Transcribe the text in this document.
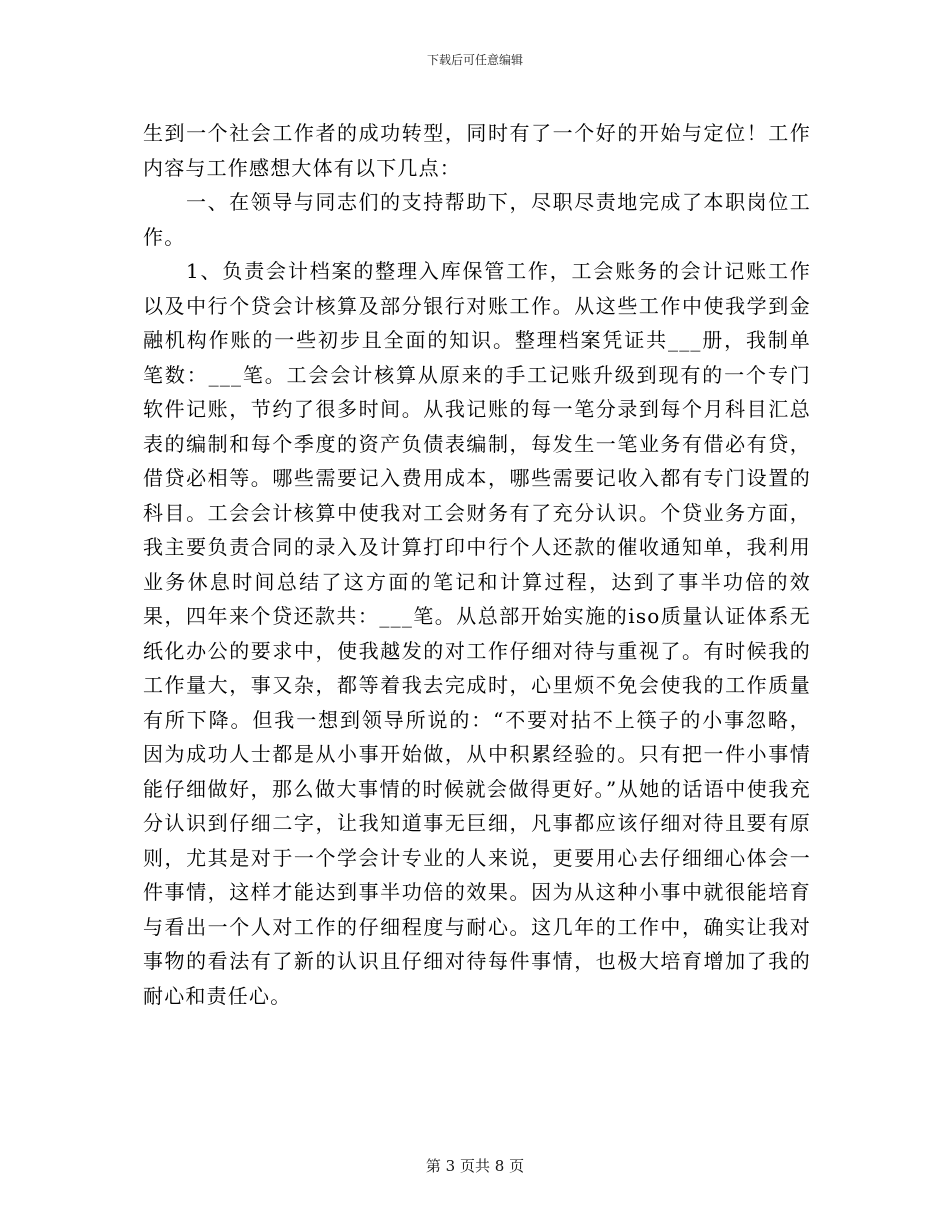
下载后可任意编辑

生到一个社会工作者的成功转型，同时有了一个好的开始与定位！工作内容与工作感想大体有以下几点：

一、在领导与同志们的支持帮助下，尽职尽责地完成了本职岗位工作。

1、负责会计档案的整理入库保管工作，工会账务的会计记账工作以及中行个贷会计核算及部分银行对账工作。从这些工作中使我学到金融机构作账的一些初步且全面的知识。整理档案凭证共___册，我制单笔数：___笔。工会会计核算从原来的手工记账升级到现有的一个专门软件记账，节约了很多时间。从我记账的每一笔分录到每个月科目汇总表的编制和每个季度的资产负债表编制，每发生一笔业务有借必有贷，借贷必相等。哪些需要记入费用成本，哪些需要记收入都有专门设置的科目。工会会计核算中使我对工会财务有了充分认识。个贷业务方面，我主要负责合同的录入及计算打印中行个人还款的催收通知单，我利用业务休息时间总结了这方面的笔记和计算过程，达到了事半功倍的效果，四年来个贷还款共：___笔。从总部开始实施的iso质量认证体系无纸化办公的要求中，使我越发的对工作仔细对待与重视了。有时候我的工作量大，事又杂，都等着我去完成时，心里烦不免会使我的工作质量有所下降。但我一想到领导所说的：“不要对拈不上筷子的小事忽略，因为成功人士都是从小事开始做，从中积累经验的。只有把一件小事情能仔细做好，那么做大事情的时候就会做得更好。”从她的话语中使我充分认识到仔细二字，让我知道事无巨细，凡事都应该仔细对待且要有原则，尤其是对于一个学会计专业的人来说，更要用心去仔细细心体会一件事情，这样才能达到事半功倍的效果。因为从这种小事中就很能培育与看出一个人对工作的仔细程度与耐心。这几年的工作中，确实让我对事物的看法有了新的认识且仔细对待每件事情，也极大培育增加了我的耐心和责任心。

第 3 页共 8 页
